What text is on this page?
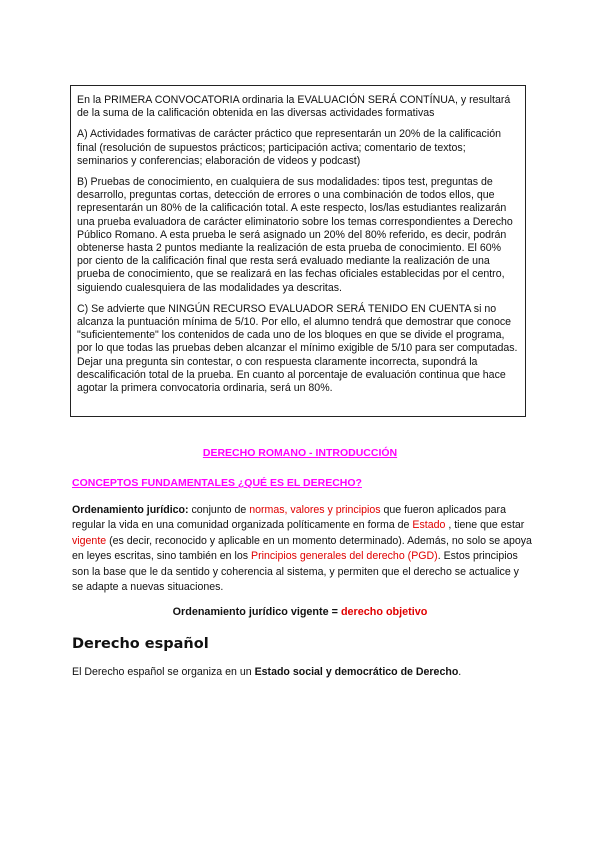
En la PRIMERA CONVOCATORIA ordinaria la EVALUACIÓN SERÁ CONTÍNUA, y resultará de la suma de la calificación obtenida en las diversas actividades formativas

A) Actividades formativas de carácter práctico que representarán un 20% de la calificación final (resolución de supuestos prácticos; participación activa; comentario de textos; seminarios y conferencias; elaboración de videos y podcast)

B) Pruebas de conocimiento, en cualquiera de sus modalidades: tipos test, preguntas de desarrollo, preguntas cortas, detección de errores o una combinación de todos ellos, que representarán un 80% de la calificación total. A este respecto, los/las estudiantes realizarán una prueba evaluadora de carácter eliminatorio sobre los temas correspondientes a Derecho Público Romano. A esta prueba le será asignado un 20% del 80% referido, es decir, podrán obtenerse hasta 2 puntos mediante la realización de esta prueba de conocimiento. El 60% por ciento de la calificación final que resta será evaluado mediante la realización de una prueba de conocimiento, que se realizará en las fechas oficiales establecidas por el centro, siguiendo cualesquiera de las modalidades ya descritas.

C) Se advierte que NINGÚN RECURSO EVALUADOR SERÁ TENIDO EN CUENTA si no alcanza la puntuación mínima de 5/10. Por ello, el alumno tendrá que demostrar que conoce "suficientemente" los contenidos de cada uno de los bloques en que se divide el programa, por lo que todas las pruebas deben alcanzar el mínimo exigible de 5/10 para ser computadas. Dejar una pregunta sin contestar, o con respuesta claramente incorrecta, supondrá la descalificación total de la prueba. En cuanto al porcentaje de evaluación continua que hace agotar la primera convocatoria ordinaria, será un 80%.

DERECHO ROMANO - INTRODUCCIÓN
CONCEPTOS FUNDAMENTALES ¿QUÉ ES EL DERECHO?
Ordenamiento jurídico: conjunto de normas, valores y principios que fueron aplicados para regular la vida en una comunidad organizada políticamente en forma de Estado , tiene que estar vigente (es decir, reconocido y aplicable en un momento determinado). Además, no solo se apoya en leyes escritas, sino también en los Principios generales del derecho (PGD). Estos principios son la base que le da sentido y coherencia al sistema, y permiten que el derecho se actualice y se adapte a nuevas situaciones.
Ordenamiento jurídico vigente = derecho objetivo
Derecho español
El Derecho español se organiza en un Estado social y democrático de Derecho.
